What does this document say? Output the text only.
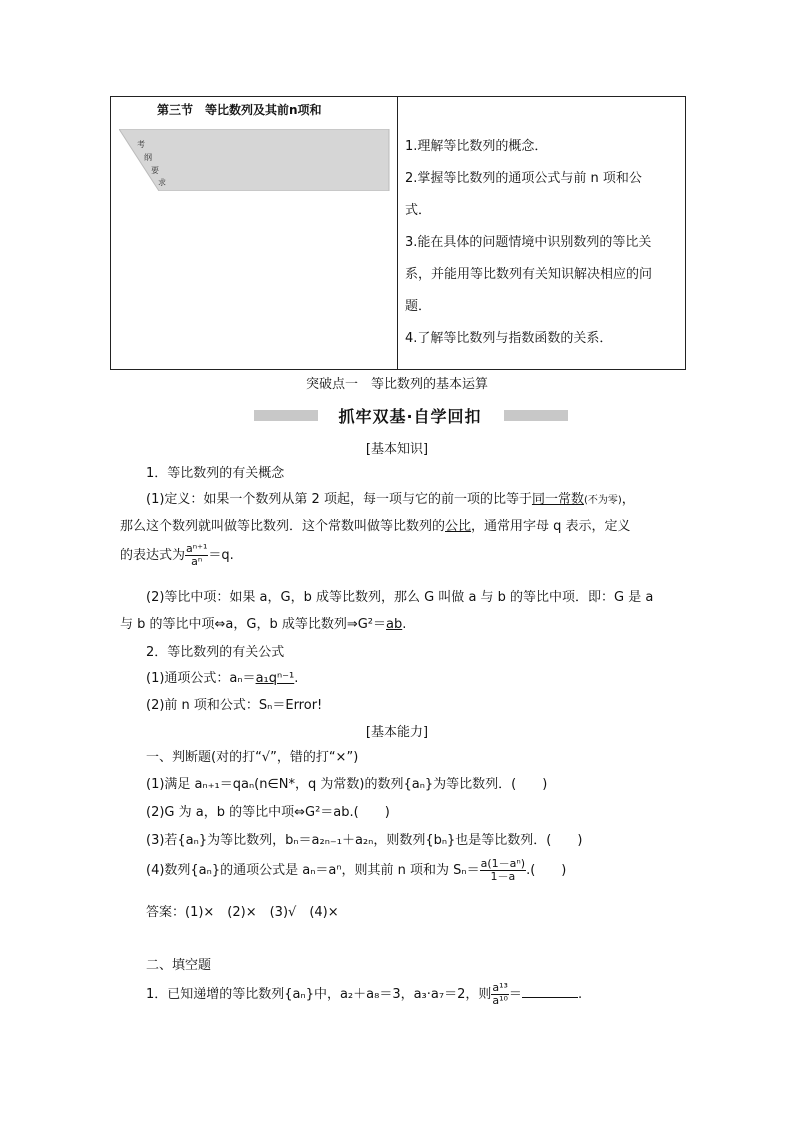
第三节　等比数列及其前n项和
考
纲
要
求
1.理解等比数列的概念．
2.掌握等比数列的通项公式与前 n 项和公
式．
3.能在具体的问题情境中识别数列的等比关
系，并能用等比数列有关知识解决相应的问
题．
4.了解等比数列与指数函数的关系．
突破点一　等比数列的基本运算
抓牢双基·自学回扣
[基本知识]
1．等比数列的有关概念
(1)定义：如果一个数列从第 2 项起，每一项与它的前一项的比等于同一常数(不为零)，
那么这个数列就叫做等比数列．这个常数叫做等比数列的公比，通常用字母 q 表示，定义
的表达式为 $\frac{\text{aⁿ⁺¹}}{\text{aⁿ}} =q$.
(2)等比中项：如果 a，G，b 成等比数列，那么 G 叫做 a 与 b 的等比中项．即：G 是 a
与 b 的等比中项⇔a，G，b 成等比数列⇒G²＝ab.
2．等比数列的有关公式
(1)通项公式：aₙ＝a₁qⁿ⁻¹.
(2)前 n 项和公式：Sₙ＝Error!
[基本能力]
一、判断题(对的打“√”，错的打“×”)
(1)满足 aₙ₊₁＝qaₙ(n∈N*，q 为常数)的数列{aₙ}为等比数列．(　　)
(2)G 为 a，b 的等比中项⇔G²＝ab.(　　)
(3)若{aₙ}为等比数列，bₙ＝a₂ₙ₋₁＋a₂ₙ，则数列{bₙ}也是等比数列．(　　)
(4)数列{aₙ}的通项公式是 aₙ＝aⁿ，则其前 n 项和为 $S_n= \frac{\text{a(1－aⁿ)}}{1-a}$ .(　　)
答案：(1)×　(2)×　(3)√　(4)×
二、填空题
1．已知递增的等比数列{aₙ}中，a₂＋a₈＝3，a₃·a₇＝2，则 $\frac{\text{a¹³}}{\text{a¹⁰}}$ ＝	.
